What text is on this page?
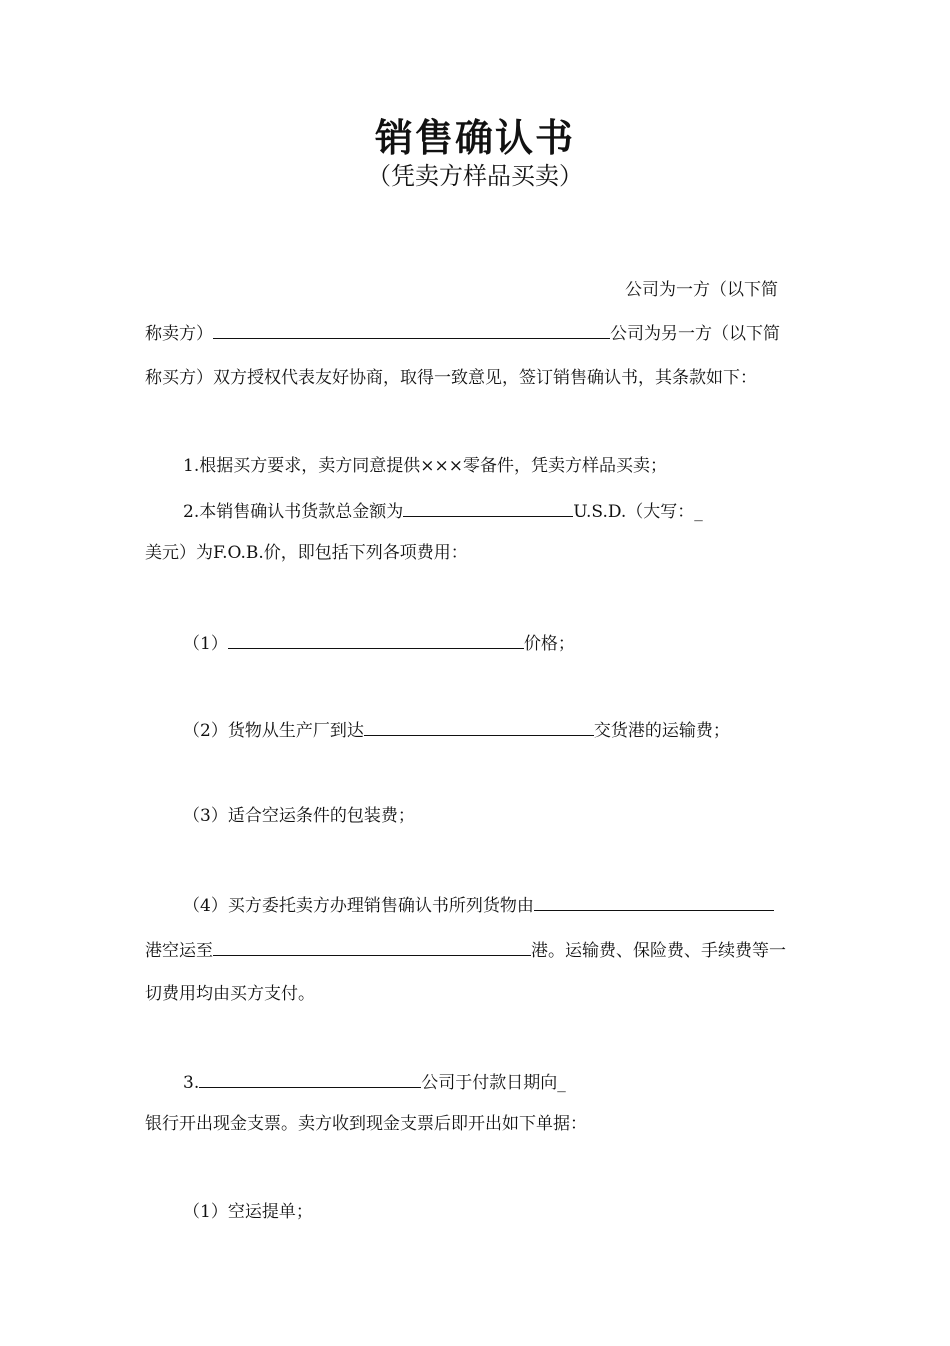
销售确认书
（凭卖方样品买卖）
公司为一方（以下简
称卖方）	公司为另一方（以下简
称买方）双方授权代表友好协商，取得一致意见，签订销售确认书，其条款如下：
1.根据买方要求，卖方同意提供×××零备件，凭卖方样品买卖；
2.本销售确认书货款总金额为	U.S.D.（大写：_
美元）为F.O.B.价，即包括下列各项费用：
（1）	价格；
（2）货物从生产厂到达	交货港的运输费；
（3）适合空运条件的包装费；
（4）买方委托卖方办理销售确认书所列货物由
港空运至	港。运输费、保险费、手续费等一
切费用均由买方支付。
3.	公司于付款日期向_
银行开出现金支票。卖方收到现金支票后即开出如下单据：
（1）空运提单；
